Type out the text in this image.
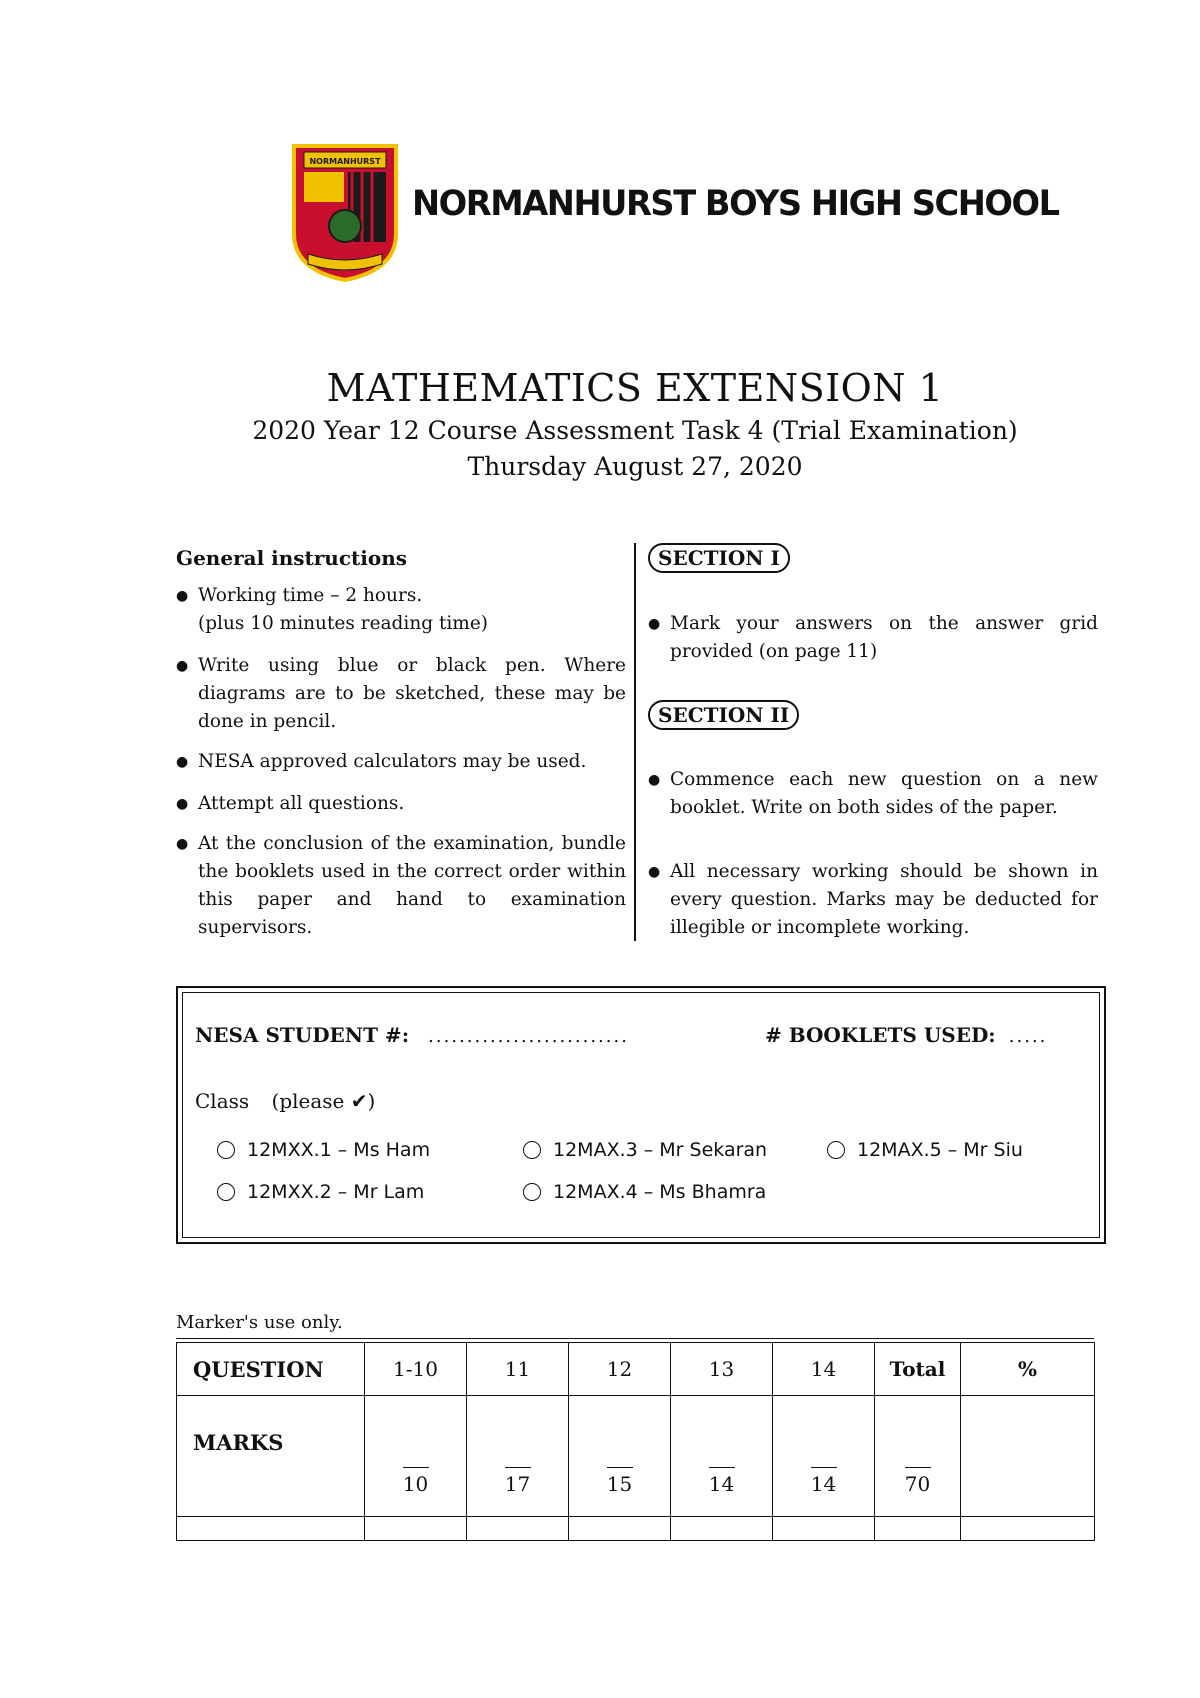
NORMANHURST
NORMANHURST BOYS HIGH SCHOOL
MATHEMATICS EXTENSION 1
2020 Year 12 Course Assessment Task 4 (Trial Examination)
Thursday August 27, 2020
General instructions
● Working time – 2 hours.
(plus 10 minutes reading time)
● Write using blue or black pen. Where diagrams are to be sketched, these may be done in pencil.
● NESA approved calculators may be used.
● Attempt all questions.
● At the conclusion of the examination, bundle the booklets used in the correct order within this paper and hand to examination supervisors.
SECTION I
● Mark your answers on the answer grid provided (on page 11)
SECTION II
● Commence each new question on a new booklet. Write on both sides of the paper.
● All necessary working should be shown in every question. Marks may be deducted for illegible or incomplete working.
NESA STUDENT #: ..........................	# BOOKLETS USED: .....
Class (please ✔)
12MXX.1 – Ms Ham	12MAX.3 – Mr Sekaran	12MAX.5 – Mr Siu
12MXX.2 – Mr Lam	12MAX.4 – Ms Bhamra
Marker's use only.
QUESTION	1-10	11	12	13	14	Total	%
MARKS	10	17	15	14	14	70	
